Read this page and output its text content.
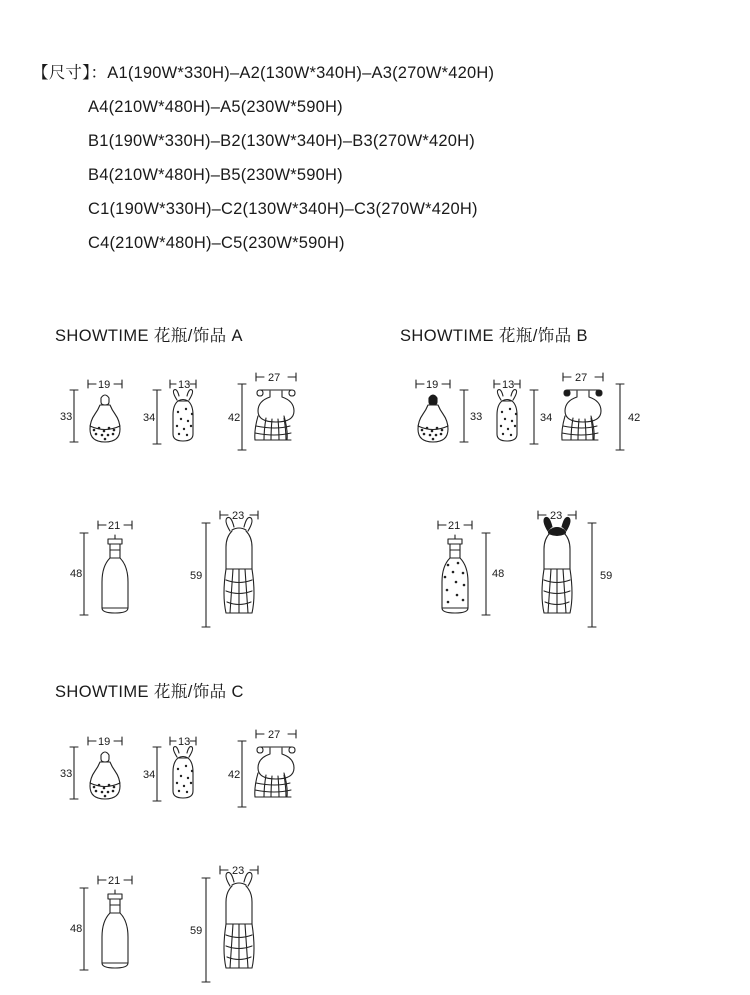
【尺寸】：A1(190W*330H)–A2(130W*340H)–A3(270W*420H)
A4(210W*480H)–A5(230W*590H)
B1(190W*330H)–B2(130W*340H)–B3(270W*420H)
B4(210W*480H)–B5(230W*590H)
C1(190W*330H)–C2(130W*340H)–C3(270W*420H)
C4(210W*480H)–C5(230W*590H)
SHOWTIME 花瓶/饰品 A	SHOWTIME 花瓶/饰品 B
SHOWTIME 花瓶/饰品 C
19
33
13
34
27
42
21
48
23
59
19
33
13
34
27
42
21
48
23
59
19
33
13
34
27
42
21
48
23
59
